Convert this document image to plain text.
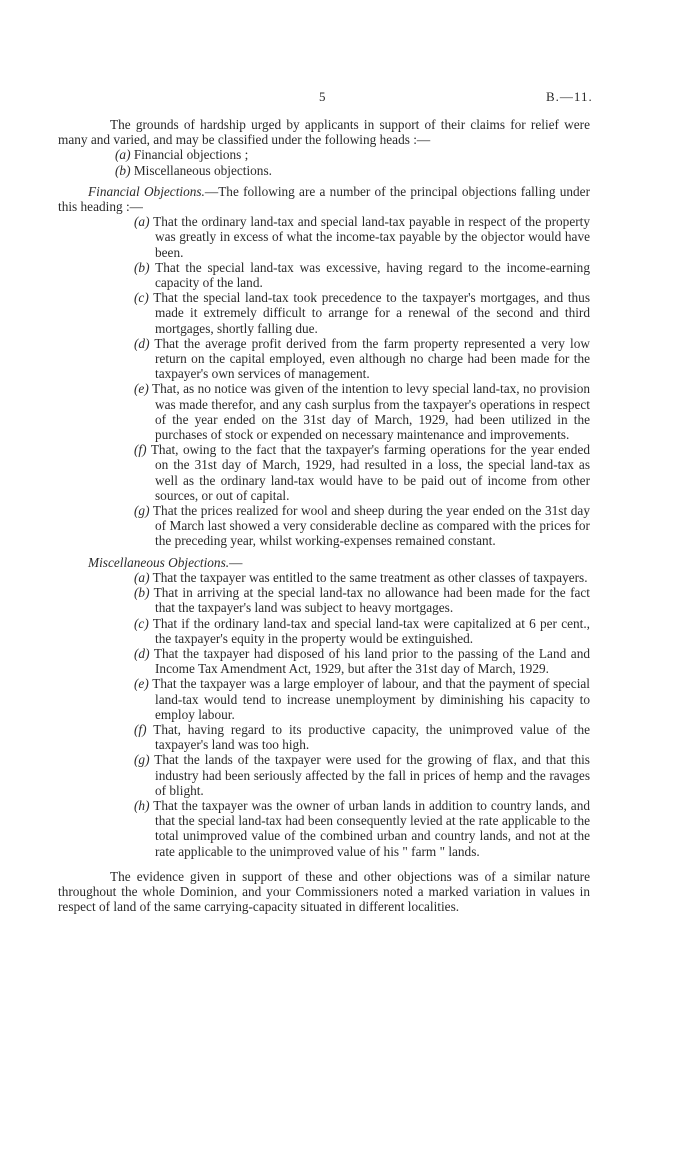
5	B.—11.

The grounds of hardship urged by applicants in support of their claims for relief were many and varied, and may be classified under the following heads :—

(a) Financial objections ;
(b) Miscellaneous objections.

Financial Objections.—The following are a number of the principal objections falling under this heading :—

(a) That the ordinary land-tax and special land-tax payable in respect of the property was greatly in excess of what the income-tax payable by the objector would have been.
(b) That the special land-tax was excessive, having regard to the income-earning capacity of the land.
(c) That the special land-tax took precedence to the taxpayer's mortgages, and thus made it extremely difficult to arrange for a renewal of the second and third mortgages, shortly falling due.
(d) That the average profit derived from the farm property represented a very low return on the capital employed, even although no charge had been made for the taxpayer's own services of management.
(e) That, as no notice was given of the intention to levy special land-tax, no provision was made therefor, and any cash surplus from the taxpayer's operations in respect of the year ended on the 31st day of March, 1929, had been utilized in the purchases of stock or expended on necessary maintenance and improvements.
(f) That, owing to the fact that the taxpayer's farming operations for the year ended on the 31st day of March, 1929, had resulted in a loss, the special land-tax as well as the ordinary land-tax would have to be paid out of income from other sources, or out of capital.
(g) That the prices realized for wool and sheep during the year ended on the 31st day of March last showed a very considerable decline as compared with the prices for the preceding year, whilst working-expenses remained constant.

Miscellaneous Objections.—

(a) That the taxpayer was entitled to the same treatment as other classes of taxpayers.
(b) That in arriving at the special land-tax no allowance had been made for the fact that the taxpayer's land was subject to heavy mortgages.
(c) That if the ordinary land-tax and special land-tax were capitalized at 6 per cent., the taxpayer's equity in the property would be extinguished.
(d) That the taxpayer had disposed of his land prior to the passing of the Land and Income Tax Amendment Act, 1929, but after the 31st day of March, 1929.
(e) That the taxpayer was a large employer of labour, and that the payment of special land-tax would tend to increase unemployment by diminishing his capacity to employ labour.
(f) That, having regard to its productive capacity, the unimproved value of the taxpayer's land was too high.
(g) That the lands of the taxpayer were used for the growing of flax, and that this industry had been seriously affected by the fall in prices of hemp and the ravages of blight.
(h) That the taxpayer was the owner of urban lands in addition to country lands, and that the special land-tax had been consequently levied at the rate applicable to the total unimproved value of the combined urban and country lands, and not at the rate applicable to the unimproved value of his " farm " lands.

The evidence given in support of these and other objections was of a similar nature throughout the whole Dominion, and your Commissioners noted a marked variation in values in respect of land of the same carrying-capacity situated in different localities.
